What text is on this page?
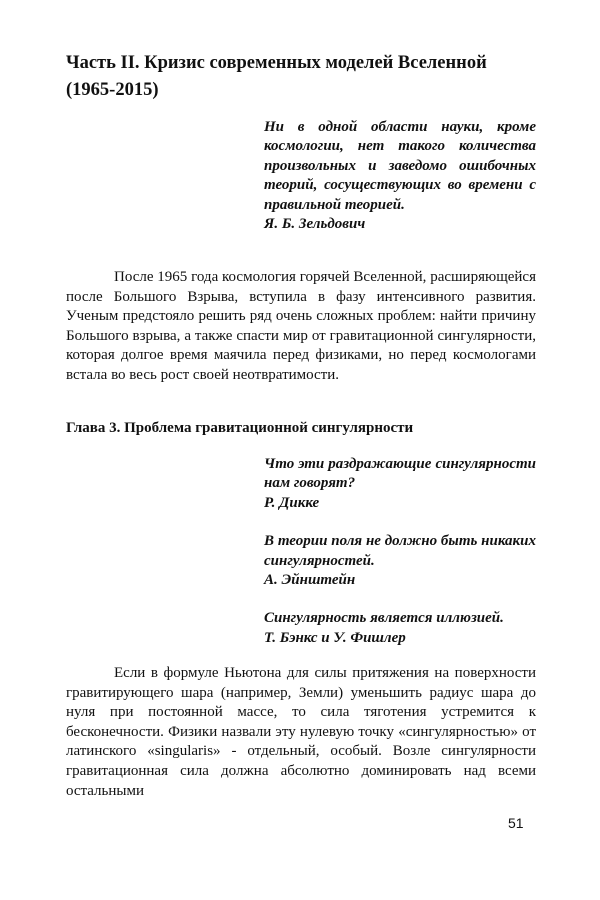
Часть II. Кризис современных моделей Вселенной (1965-2015)
Ни в одной области науки, кроме космологии, нет такого количества произвольных и заведомо ошибочных теорий, сосуществующих во времени с правильной теорией.
Я. Б. Зельдович

После 1965 года космология горячей Вселенной, расширяющейся после Большого Взрыва, вступила в фазу интенсивного развития. Ученым предстояло решить ряд очень сложных проблем: найти причину Большого взрыва, а также спасти мир от гравитационной сингулярности, которая долгое время маячила перед физиками, но перед космологами встала во весь рост своей неотвратимости.

Глава 3. Проблема гравитационной сингулярности
Что эти раздражающие сингулярности нам говорят?
Р. Дикке
В теории поля не должно быть никаких сингулярностей.
А. Эйнштейн
Сингулярность является иллюзией.
Т. Бэнкс и У. Фишлер

Если в формуле Ньютона для силы притяжения на поверхности гравитирующего шара (например, Земли) уменьшить радиус шара до нуля при постоянной массе, то сила тяготения устремится к бесконечности. Физики назвали эту нулевую точку «сингулярностью» от латинского «singularis» - отдельный, особый. Возле сингулярности гравитационная сила должна абсолютно доминировать над всеми остальными

51
